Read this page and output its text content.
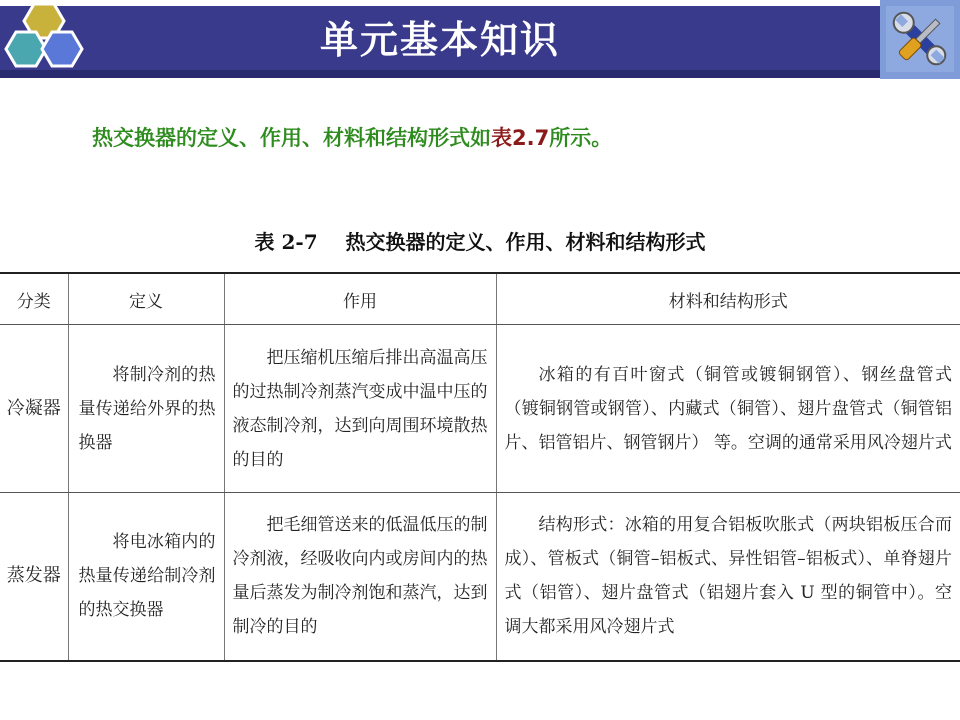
单元基本知识
热交换器的定义、作用、材料和结构形式如表2.7所示。
表 2-7    热交换器的定义、作用、材料和结构形式
分类	定义	作用	材料和结构形式
冷凝器	将制冷剂的热量传递给外界的热换器	把压缩机压缩后排出高温高压的过热制冷剂蒸汽变成中温中压的液态制冷剂，达到向周围环境散热的目的	冰箱的有百叶窗式（铜管或镀铜钢管）、钢丝盘管式（镀铜钢管或钢管）、内藏式（铜管）、翅片盘管式（铜管铝片、铝管铝片、钢管钢片） 等。空调的通常采用风冷翅片式
蒸发器	将电冰箱内的热量传递给制冷剂的热交换器	把毛细管送来的低温低压的制冷剂液，经吸收向内或房间内的热量后蒸发为制冷剂饱和蒸汽，达到制冷的目的	结构形式：冰箱的用复合铝板吹胀式（两块铝板压合而成）、管板式（铜管–铝板式、异性铝管–铝板式）、单脊翅片式（铝管）、翅片盘管式（铝翅片套入 U 型的铜管中）。空调大都采用风冷翅片式
